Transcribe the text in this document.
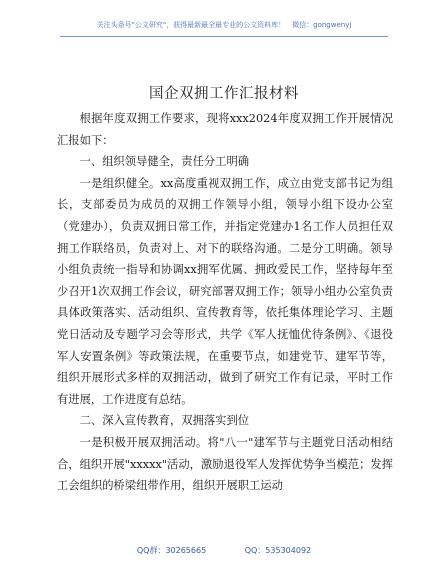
关注头条号"公文研究"，获得最新最全最专业的公文资料库！　微信：gongwenyj
国企双拥工作汇报材料

根据年度双拥工作要求，现将xxx2024年度双拥工作开展情况汇报如下：

一、组织领导健全，责任分工明确

一是组织健全。xx高度重视双拥工作，成立由党支部书记为组长，支部委员为成员的双拥工作领导小组，领导小组下设办公室（党建办），负责双拥日常工作，并指定党建办1名工作人员担任双拥工作联络员，负责对上、对下的联络沟通。二是分工明确。领导小组负责统一指导和协调xx拥军优属、拥政爱民工作，坚持每年至少召开1次双拥工作会议，研究部署双拥工作；领导小组办公室负责具体政策落实、活动组织、宣传教育等，依托集体理论学习、主题党日活动及专题学习会等形式，共学《军人抚恤优待条例》、《退役军人安置条例》等政策法规，在重要节点，如建党节、建军节等，组织开展形式多样的双拥活动，做到了研究工作有记录，平时工作有进展，工作进度有总结。

二、深入宣传教育，双拥落实到位

一是积极开展双拥活动。将"八一"建军节与主题党日活动相结合，组织开展"xxxxx"活动，激励退役军人发挥优势争当模范；发挥工会组织的桥梁纽带作用，组织开展职工运动

QQ群：30265665	QQ：535304092
